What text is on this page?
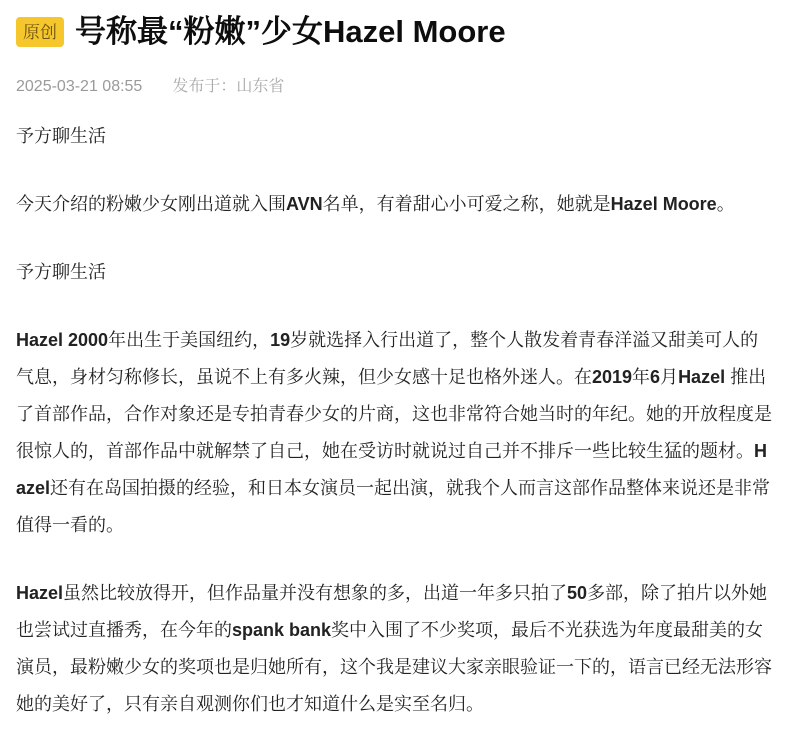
原创 号称最“粉嫩”少女Hazel Moore
2025-03-21 08:55 发布于：山东省

予方聊生活

今天介绍的粉嫩少女刚出道就入围AVN名单，有着甜心小可爱之称，她就是Hazel Moore。

予方聊生活

Hazel 2000年出生于美国纽约，19岁就选择入行出道了，整个人散发着青春洋溢又甜美可人的气息，身材匀称修长，虽说不上有多火辣，但少女感十足也格外迷人。在2019年6月Hazel 推出了首部作品，合作对象还是专拍青春少女的片商，这也非常符合她当时的年纪。她的开放程度是很惊人的，首部作品中就解禁了自己，她在受访时就说过自己并不排斥一些比较生猛的题材。Hazel还有在岛国拍摄的经验，和日本女演员一起出演，就我个人而言这部作品整体来说还是非常值得一看的。

Hazel虽然比较放得开，但作品量并没有想象的多，出道一年多只拍了50多部，除了拍片以外她也尝试过直播秀，在今年的spank bank奖中入围了不少奖项，最后不光获选为年度最甜美的女演员，最粉嫩少女的奖项也是归她所有，这个我是建议大家亲眼验证一下的，语言已经无法形容她的美好了，只有亲自观测你们也才知道什么是实至名归。
